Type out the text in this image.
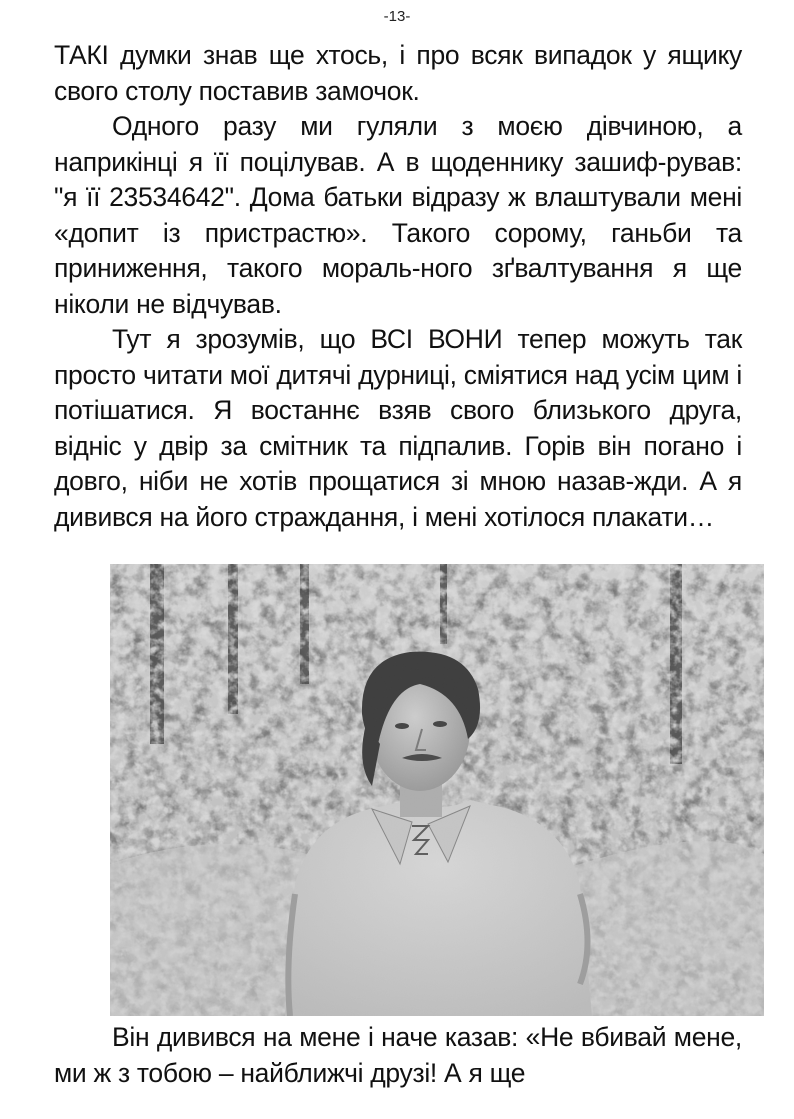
-13-

ТАКІ думки знав ще хтось, і про всяк випадок у ящику свого столу поставив замочок.

Одного разу ми гуляли з моєю дівчиною, а наприкінці я її поцілував. А в щоденнику зашиф-рував: "я її 23534642". Дома батьки відразу ж влаштували мені «допит із пристрастю». Такого сорому, ганьби та приниження, такого мораль-ного зґвалтування я ще ніколи не відчував.

Тут я зрозумів, що ВСІ ВОНИ тепер можуть так просто читати мої дитячі дурниці, сміятися над усім цим і потішатися. Я востаннє взяв свого близького друга, відніс у двір за смітник та підпалив. Горів він погано і довго, ніби не хотів прощатися зі мною назав-жди. А я дивився на його страждання, і мені хотілося плакати…

Він дивився на мене і наче казав: «Не вбивай мене, ми ж з тобою – найближчі друзі! А я ще
